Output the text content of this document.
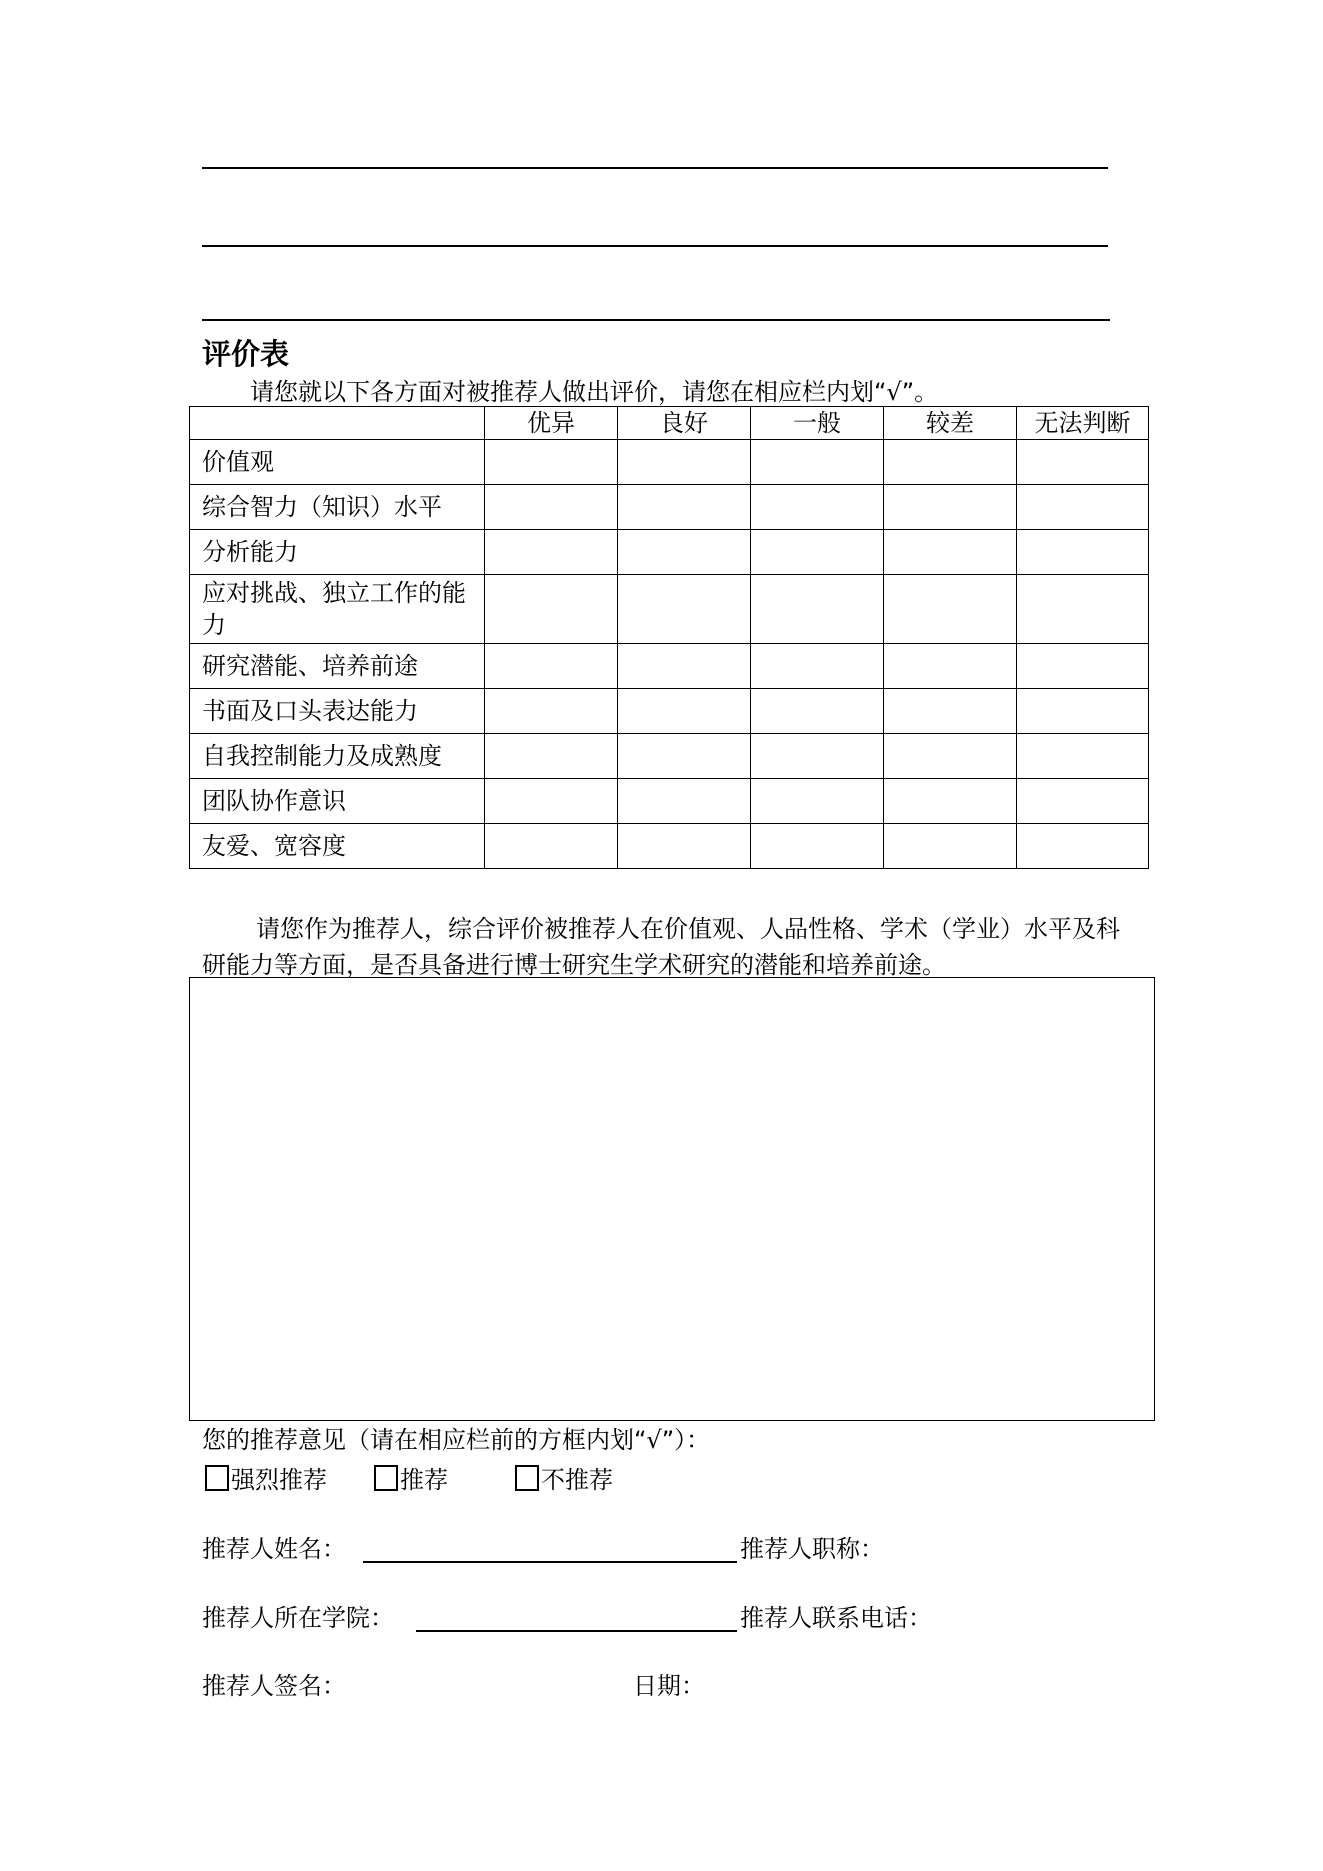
评价表

请您就以下各方面对被推荐人做出评价，请您在相应栏内划“√”。

	优异	良好	一般	较差	无法判断
价值观					
综合智力（知识）水平					
分析能力					
应对挑战、独立工作的能力					
研究潜能、培养前途					
书面及口头表达能力					
自我控制能力及成熟度					
团队协作意识					
友爱、宽容度					

请您作为推荐人，综合评价被推荐人在价值观、人品性格、学术（学业）水平及科研能力等方面，是否具备进行博士研究生学术研究的潜能和培养前途。

您的推荐意见（请在相应栏前的方框内划“√”）：
强烈推荐	推荐	不推荐
推荐人姓名：	推荐人职称：
推荐人所在学院：	推荐人联系电话：
推荐人签名：	日期：
